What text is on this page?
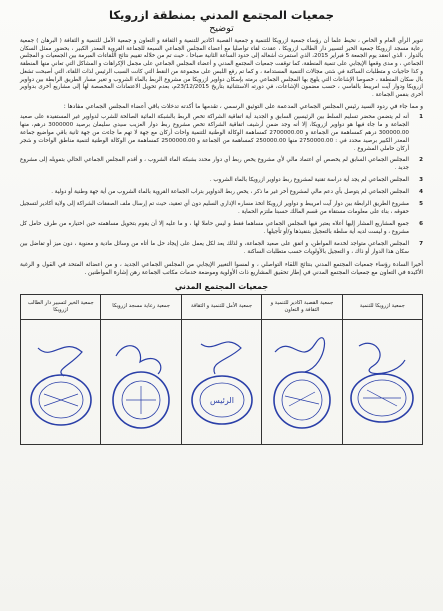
جمعيات المجتمع المدني بمنطقة ازرويكا
توضيح

تنوير الرأي العام و الخاص ، نحيط علما أن رؤساء جمعية ازرويكا للتنمية و جمعية القصبة اكادير للتنمية و الثقافة و التعاون و جمعية الأمل للتنمية و الثقافة ( البرهان ) جمعية رعاية مسجد ازرويكا جمعية الخير لتسيير دار الطالب ازرويكا ، عقدت لقاء تواصليا مع أعضاء المجلس الجماعي السبعة للجماعة القروية المعدر الكبير ، بحضور ممثل السكان بالدوار ، الذي انعقد يوم الجمعة 5 فبراير 2015، الذي استمرت أشغاله إلى حدود الساعة الثانية صباحا ، حيث تم من خلاله تقييم نتائج اللقاءات المبرمة بين الجمعيات و المجلس الجماعي ، و مدى وقعها الإيجابي على تنمية المنطقة، كما توقفت جمعيات المجتمع المدني و أعضاء المجلس الجماعي على مجمل الإكراهات و المشاكل التي تعاني منها المنطقة و كذا حاجيات و متطلبات الساكنة في شتى مجالات التنمية المستدامة ، و كما تم رفع اللبس على مجموعة من النقط التي كانت السبب الرئيس لذات اللقاء، التي أصبحت تشغل بال سكان المنطقة ، خصوصا الإشاعات التي يلهج بها المجلس الجماعي برمته بإسكان دواوير ازرويكا من مشروع الربط بالماء الشروب و تغير مسار الطريق الرابطة بين دواوير ازرويكا ودوار آيت امريبط بالفاسي ، حسب مضمون الإشاعات، في دورته الاستثنائية بتاريخ 23/12/2015م، بعدم تحويل الاعتمادات المخصصة لها إلى مشاريع أخرى بدواوير أخرى بنفس الجماعة .

و مما جاء في ردود السيد رئيس المجلس الجماعي المدعمة على التوثيق الرسمي ، تقدمها ما أكدته تدخلات باقي أعضاء المجلس الجماعي مفادها :

1
أنه لم يتضمن محضر تسليم السلط بين الرئيسين السابق و الجديد أية اتفاقية الشراكة تخص الربط بالشبكة المائية الصالحة للشرب لدواوير غير المستفيدة على صعيد الجماعة و ما جاء فيها هو دواوير ازرويكا، إلا أنه وجد ضمن أرشيف اتفاقية الشراكة تخص مشروع ربط دوار العزيب سيدي سليمان برصيد 3000000 درهم، منها 300000.00 درهم كمساهمة من الجماعة و 2700000.00 كمساهمة الوكالة الوطنية للتنمية واحات أركان مع جهة لا تهم ما جاءت من جهة ثانية باقي مواضيع جماعة المعدر الكبير برصيد محدد في : 2750000.00 منها 250000.00 كمساهمة من الجماعة و 2500000.00 كمساهمة من الوكالة الوطنية لتنمية مناطق الواحات و شجر أركان حاملي المشروع .
2
المجلس الجماعي السابق لم يخصص أي اعتماد مالي لأي مشروع يخص ربط أي دوار محدد بشبكة الماء الشروب ، و أقدم المجلس الجماعي الحالي بتمويله إلى مشروع جديد .
3
المجلس الجماعي لم يجد أية دراسة تقنية لمشروع ربط دواوير ازرويكا بالماء الشروب .
4
المجلس الجماعي لم يتوصل بأي دعم مالي لمشروع أخر غير ما ذكر ، يخص ربط الدواوير بتراب الجماعة القروية بالماء الشروب من أية جهة وطنية أو دولية .
5
مشروع الطريق الرابطة بين دوار آيت امريبط و دواوير ازرويكا اتخذ مساره الإداري السليم دون أي تعقيد، حيث تم إرسال ملف الصفقات الشراكة إلى ولاية أكادير لتسجيل حقوقه ، بناء على معلومات مستقاة من قسم المالك حسبنا ملتزم الحماية .
6
جميع المشاريع المشار إليها أعلاه يعتبر فيها المجلس الجماعي مساهما فقط و ليس حاملا لها ، و ما عليه إلا أن يقوم بتحويل مساهمته حين اختياره من طرف حامل كل مشروع ، و ليست لديه أية سلطة بالتعجيل بتنفيذها و/أو تأجيلها .
7
المجلس الجماعي متواجد لخدمة المواطن، و اتفق على صعيد الجماعة، و لذلك يعد لكل يعمل على إيجاد حل ما أتاه من وسائل مادية و معنوية ، دون ميز أو تفاضل بين سكان هذا الدوار أو ذاك ، و التعجيل بالأولويات حسب متطلبات الساكنة .

أخيرا السادة رؤساء جمعيات المجتمع المدني بنتائج اللقاء التواصلي ، و لمسوا التغيير الإيجابي من المجلس الجماعي الجديد ، و من اعضائه المتحد في القول و الرغبة الأكيدة في التعاون مع جمعيات المجتمع المدني في إطار تحقيق المشاريع ذات الأولوية وموضعة خدمات مكاتب الجماعة رهن إشارة المواطنين .

جمعيات المجتمع المدني
جمعية ازرويكا للتنمية	جمعية القصبة اكادير للتنمية و الثقافة و التعاون	جمعية الأمل للتنمية و الثقافة	جمعية رعاية مسجد ازرويكا	جمعية الخير لتسيير دار الطالب ازرويكا

الرئيس
